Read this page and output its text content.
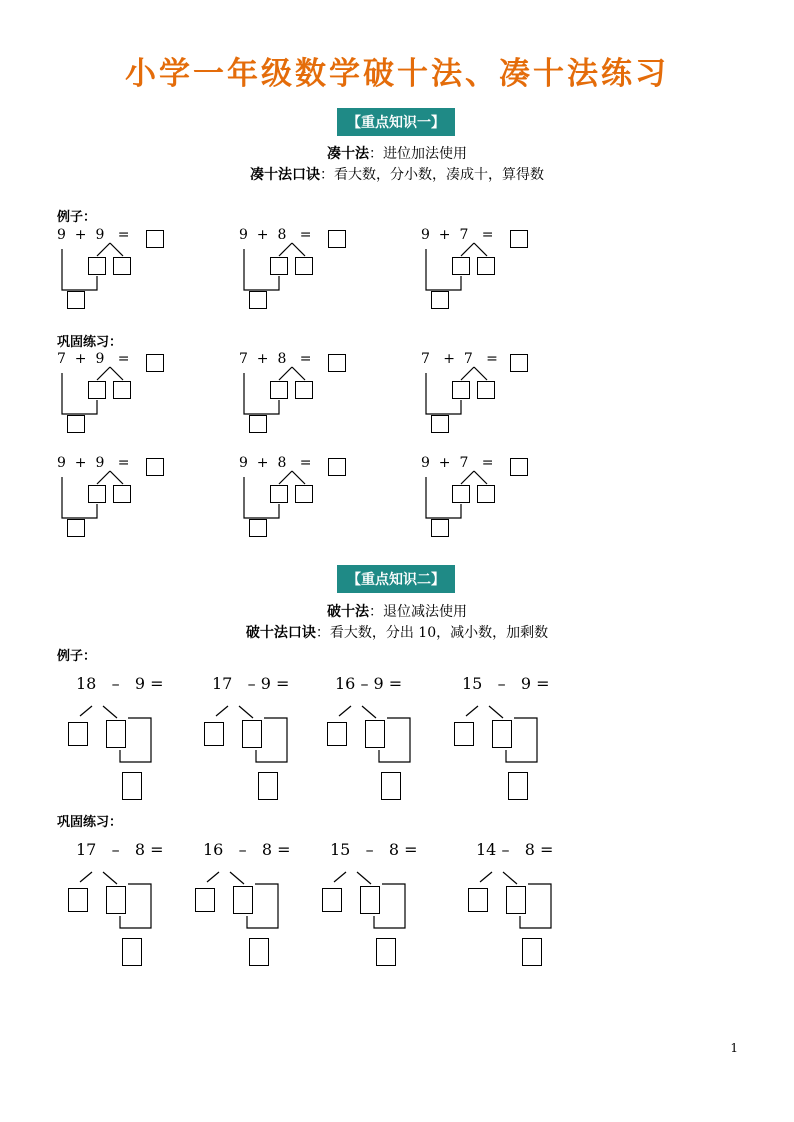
小学一年级数学破十法、凑十法练习
【重点知识一】
凑十法：进位加法使用
凑十法口诀：看大数，分小数，凑成十，算得数
例子：
9  +  9   =	9  +  8   =	9  +  7   =
巩固练习：
7  +  9   =	7  +  8   =	7   +  7   =
9  +  9   =	9  +  8   =	9  +  7   =
【重点知识二】
破十法：退位减法使用
破十法口诀：看大数，分出 10，减小数，加剩数
例子：
18   –   9 =	17   – 9 =	16 – 9 =	15   –   9 =
巩固练习：
17   –   8 = 16   –   8 = 15   –   8 =	14 –   8 =
1
